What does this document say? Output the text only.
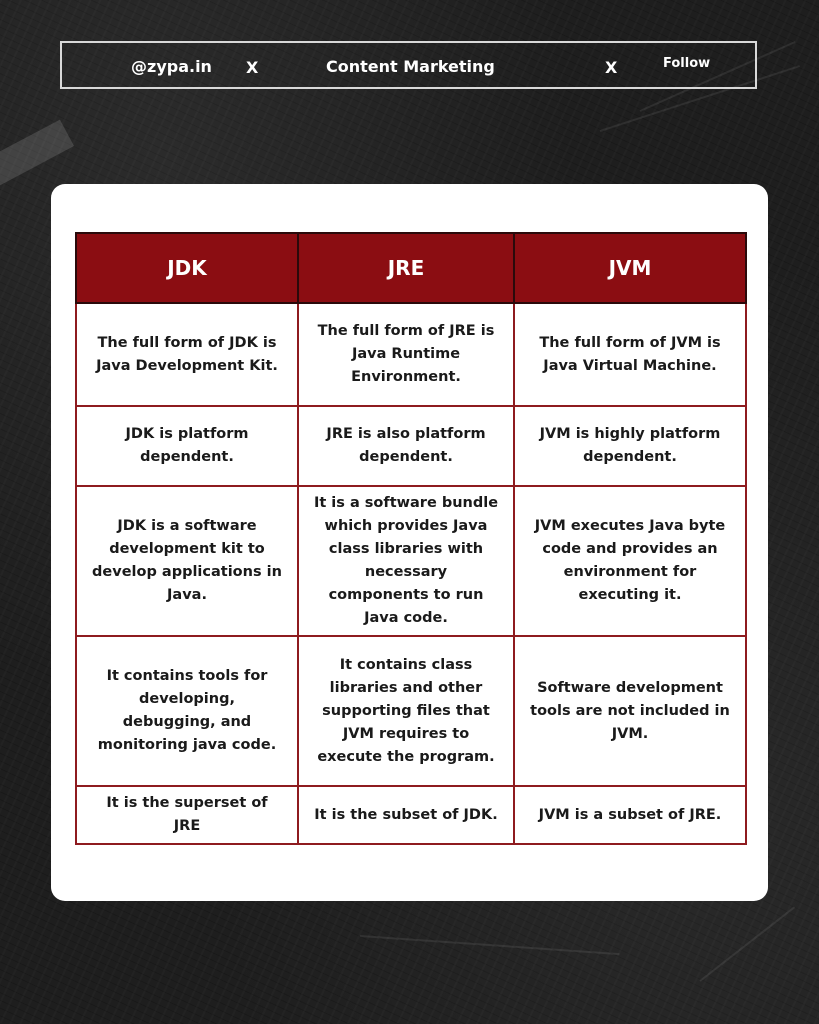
@zypa.in X	Content Marketing	X	Follow
JDK	JRE	JVM
The full form of JDK is Java Development Kit.	The full form of JRE is Java Runtime Environment.	The full form of JVM is Java Virtual Machine.
JDK is platform dependent.	JRE is also platform dependent.	JVM is highly platform dependent.
JDK is a software development kit to develop applications in Java.	It is a software bundle which provides Java class libraries with necessary components to run Java code.	JVM executes Java byte code and provides an environment for executing it.
It contains tools for developing, debugging, and monitoring java code.	It contains class libraries and other supporting files that JVM requires to execute the program.	Software development tools are not included in JVM.
It is the superset of JRE	It is the subset of JDK.	JVM is a subset of JRE.
